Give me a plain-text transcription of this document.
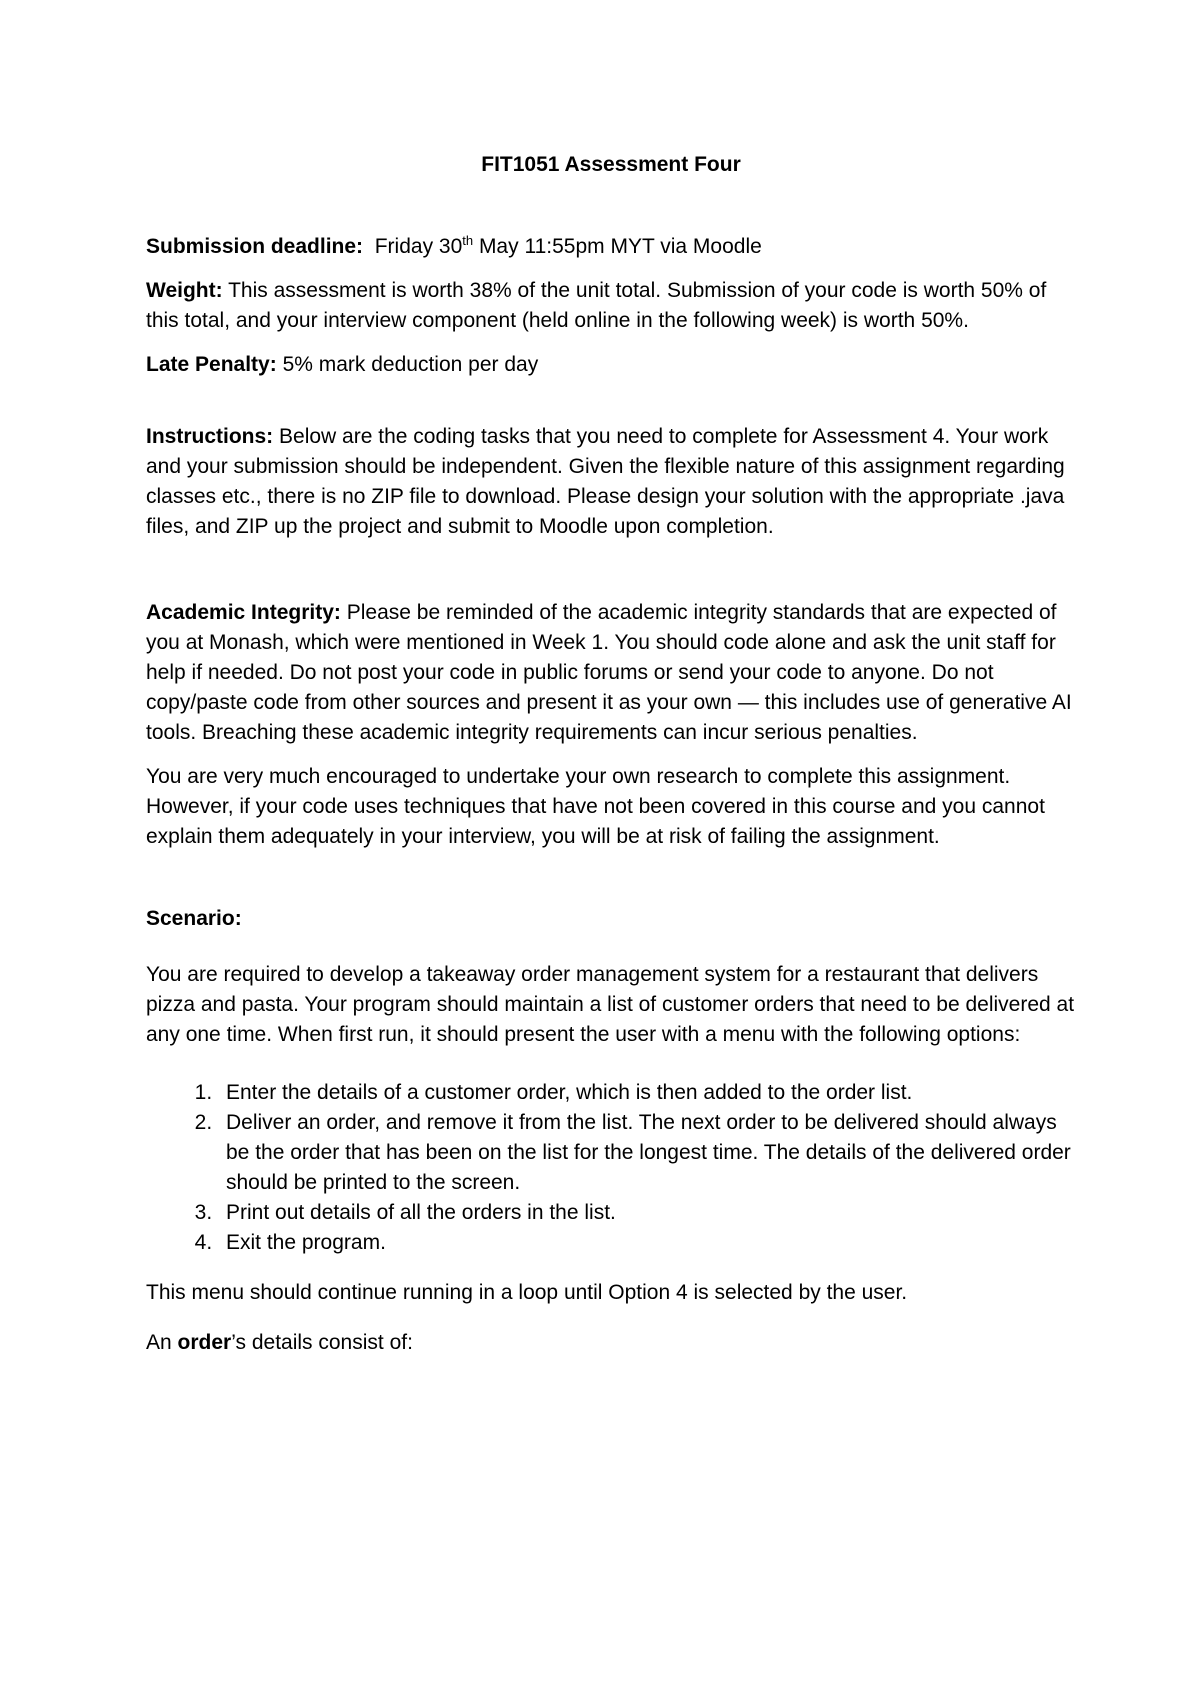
FIT1051 Assessment Four

Submission deadline: Friday 30th May 11:55pm MYT via Moodle

Weight: This assessment is worth 38% of the unit total. Submission of your code is worth 50% of this total, and your interview component (held online in the following week) is worth 50%.

Late Penalty: 5% mark deduction per day

Instructions: Below are the coding tasks that you need to complete for Assessment 4. Your work and your submission should be independent. Given the flexible nature of this assignment regarding classes etc., there is no ZIP file to download. Please design your solution with the appropriate .java files, and ZIP up the project and submit to Moodle upon completion.

Academic Integrity: Please be reminded of the academic integrity standards that are expected of you at Monash, which were mentioned in Week 1. You should code alone and ask the unit staff for help if needed. Do not post your code in public forums or send your code to anyone. Do not copy/paste code from other sources and present it as your own — this includes use of generative AI tools. Breaching these academic integrity requirements can incur serious penalties.

You are very much encouraged to undertake your own research to complete this assignment. However, if your code uses techniques that have not been covered in this course and you cannot explain them adequately in your interview, you will be at risk of failing the assignment.

Scenario:

You are required to develop a takeaway order management system for a restaurant that delivers pizza and pasta. Your program should maintain a list of customer orders that need to be delivered at any one time. When first run, it should present the user with a menu with the following options:

1. Enter the details of a customer order, which is then added to the order list.
2. Deliver an order, and remove it from the list. The next order to be delivered should always be the order that has been on the list for the longest time. The details of the delivered order should be printed to the screen.
3. Print out details of all the orders in the list.
4. Exit the program.

This menu should continue running in a loop until Option 4 is selected by the user.

An order’s details consist of:
